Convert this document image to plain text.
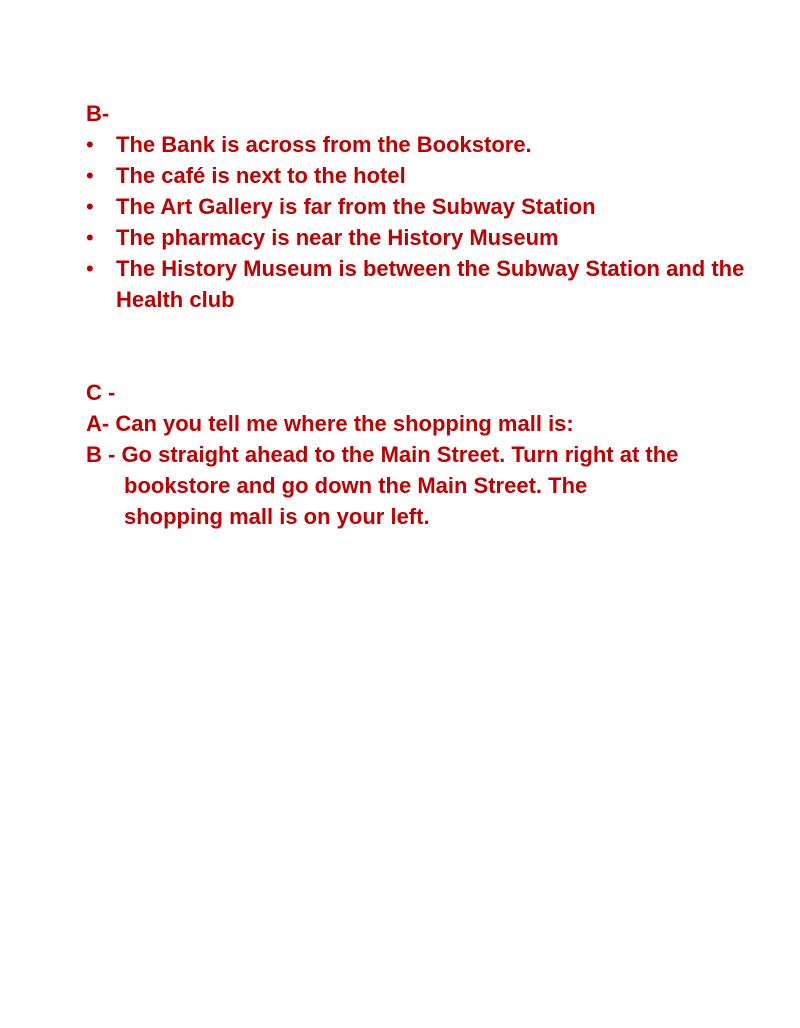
B-

•	The Bank is across from the Bookstore.
•	The café is next to the hotel
•	The Art Gallery is far from the Subway Station
•	The pharmacy is near the History Museum
•	The History Museum is between the Subway Station and the Health club

C -

A- Can you tell me where the shopping mall is:

B - Go straight ahead to the Main Street. Turn right at the

bookstore and go down the Main Street. The

shopping mall is on your left.
